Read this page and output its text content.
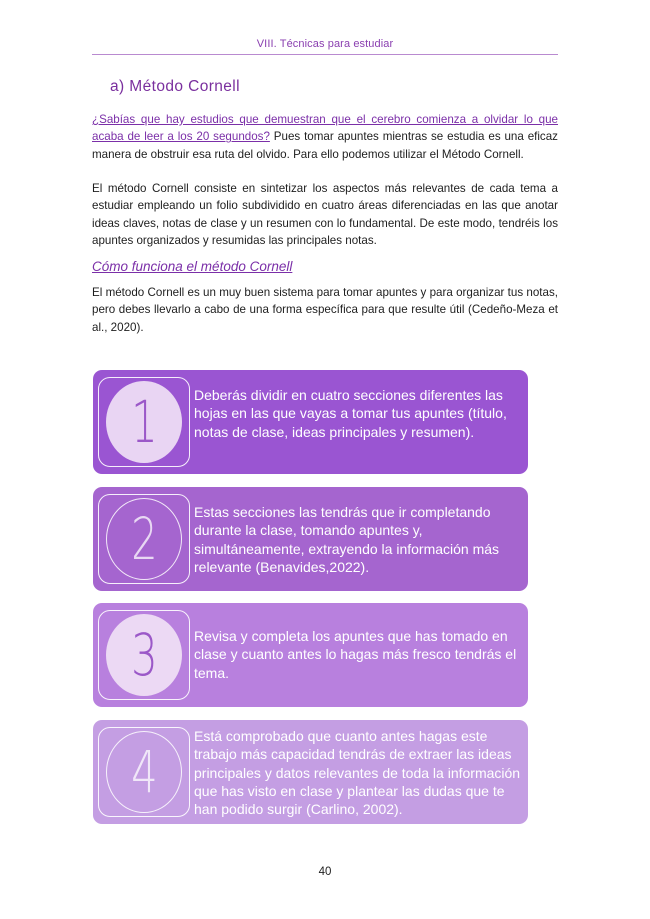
VIII. Técnicas para estudiar
a) Método Cornell

¿Sabías que hay estudios que demuestran que el cerebro comienza a olvidar lo que acaba de leer a los 20 segundos? Pues tomar apuntes mientras se estudia es una eficaz manera de obstruir esa ruta del olvido. Para ello podemos utilizar el Método Cornell.

El método Cornell consiste en sintetizar los aspectos más relevantes de cada tema a estudiar empleando un folio subdividido en cuatro áreas diferenciadas en las que anotar ideas claves, notas de clase y un resumen con lo fundamental. De este modo, tendréis los apuntes organizados y resumidas las principales notas.

Cómo funciona el método Cornell

El método Cornell es un muy buen sistema para tomar apuntes y para organizar tus notas, pero debes llevarlo a cabo de una forma específica para que resulte útil (Cedeño-Meza et al., 2020).

1	Deberás dividir en cuatro secciones diferentes las hojas en las que vayas a tomar tus apuntes (título, notas de clase, ideas principales y resumen).
2	Estas secciones las tendrás que ir completando durante la clase, tomando apuntes y, simultáneamente, extrayendo la información más relevante (Benavides,2022).
3	Revisa y completa los apuntes que has tomado en clase y cuanto antes lo hagas más fresco tendrás el tema.
4
Está comprobado que cuanto antes hagas este trabajo más capacidad tendrás de extraer las ideas principales y datos relevantes de toda la información que has visto en clase y plantear las dudas que te han podido surgir (Carlino, 2002).
40
